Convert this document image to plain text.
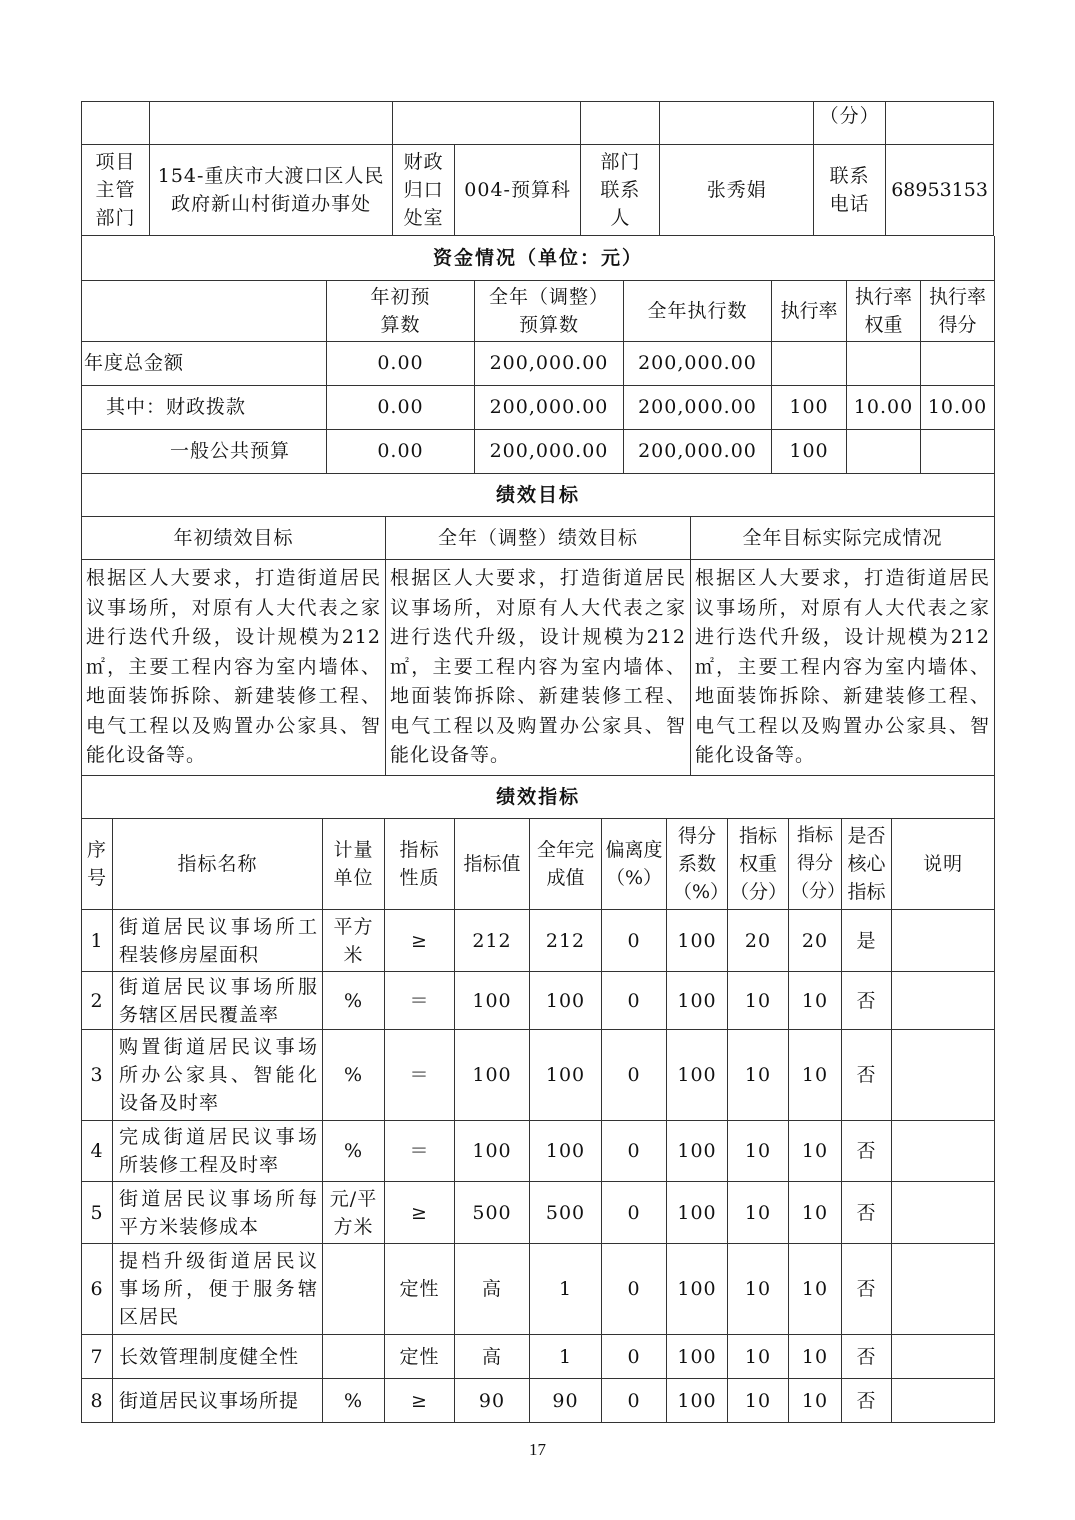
						（分）	
项目主管部门	154-重庆市大渡口区人民政府新山村街道办事处	财政归口处室	004-预算科	部门联系人	张秀娟	联系电话	68953153
资金情况（单位：元）						
	年初预算数	全年（调整）预算数	全年执行数	执行率	执行率权重	执行率得分
年度总金额	0.00	200,000.00	200,000.00			
其中：财政拨款	0.00	200,000.00	200,000.00	100	10.00	10.00
一般公共预算	0.00	200,000.00	200,000.00	100		
绩效目标		
年初绩效目标	全年（调整）绩效目标	全年目标实际完成情况
根据区人大要求，打造街道居民议事场所，对原有人大代表之家进行迭代升级，设计规模为212㎡，主要工程内容为室内墙体、地面装饰拆除、新建装修工程、电气工程以及购置办公家具、智能化设备等。	根据区人大要求，打造街道居民议事场所，对原有人大代表之家进行迭代升级，设计规模为212㎡，主要工程内容为室内墙体、地面装饰拆除、新建装修工程、电气工程以及购置办公家具、智能化设备等。	根据区人大要求，打造街道居民议事场所，对原有人大代表之家进行迭代升级，设计规模为212㎡，主要工程内容为室内墙体、地面装饰拆除、新建装修工程、电气工程以及购置办公家具、智能化设备等。
绩效指标											
序号	指标名称	计量单位	指标性质	指标值	全年完成值	偏离度（%）	得分系数（%）	指标权重（分）	指标得分（分）	是否核心指标	说明
1	街道居民议事场所工程装修房屋面积	平方米	≥	212	212	0	100	20	20	是	
2	街道居民议事场所服务辖区居民覆盖率	%	＝	100	100	0	100	10	10	否	
3	购置街道居民议事场所办公家具、智能化设备及时率	%	＝	100	100	0	100	10	10	否	
4	完成街道居民议事场所装修工程及时率	%	＝	100	100	0	100	10	10	否	
5	街道居民议事场所每平方米装修成本	元/平方米	≥	500	500	0	100	10	10	否	
6	提档升级街道居民议事场所，便于服务辖区居民		定性	高	1	0	100	10	10	否	
7	长效管理制度健全性		定性	高	1	0	100	10	10	否	
8	街道居民议事场所提	%	≥	90	90	0	100	10	10	否	
17
